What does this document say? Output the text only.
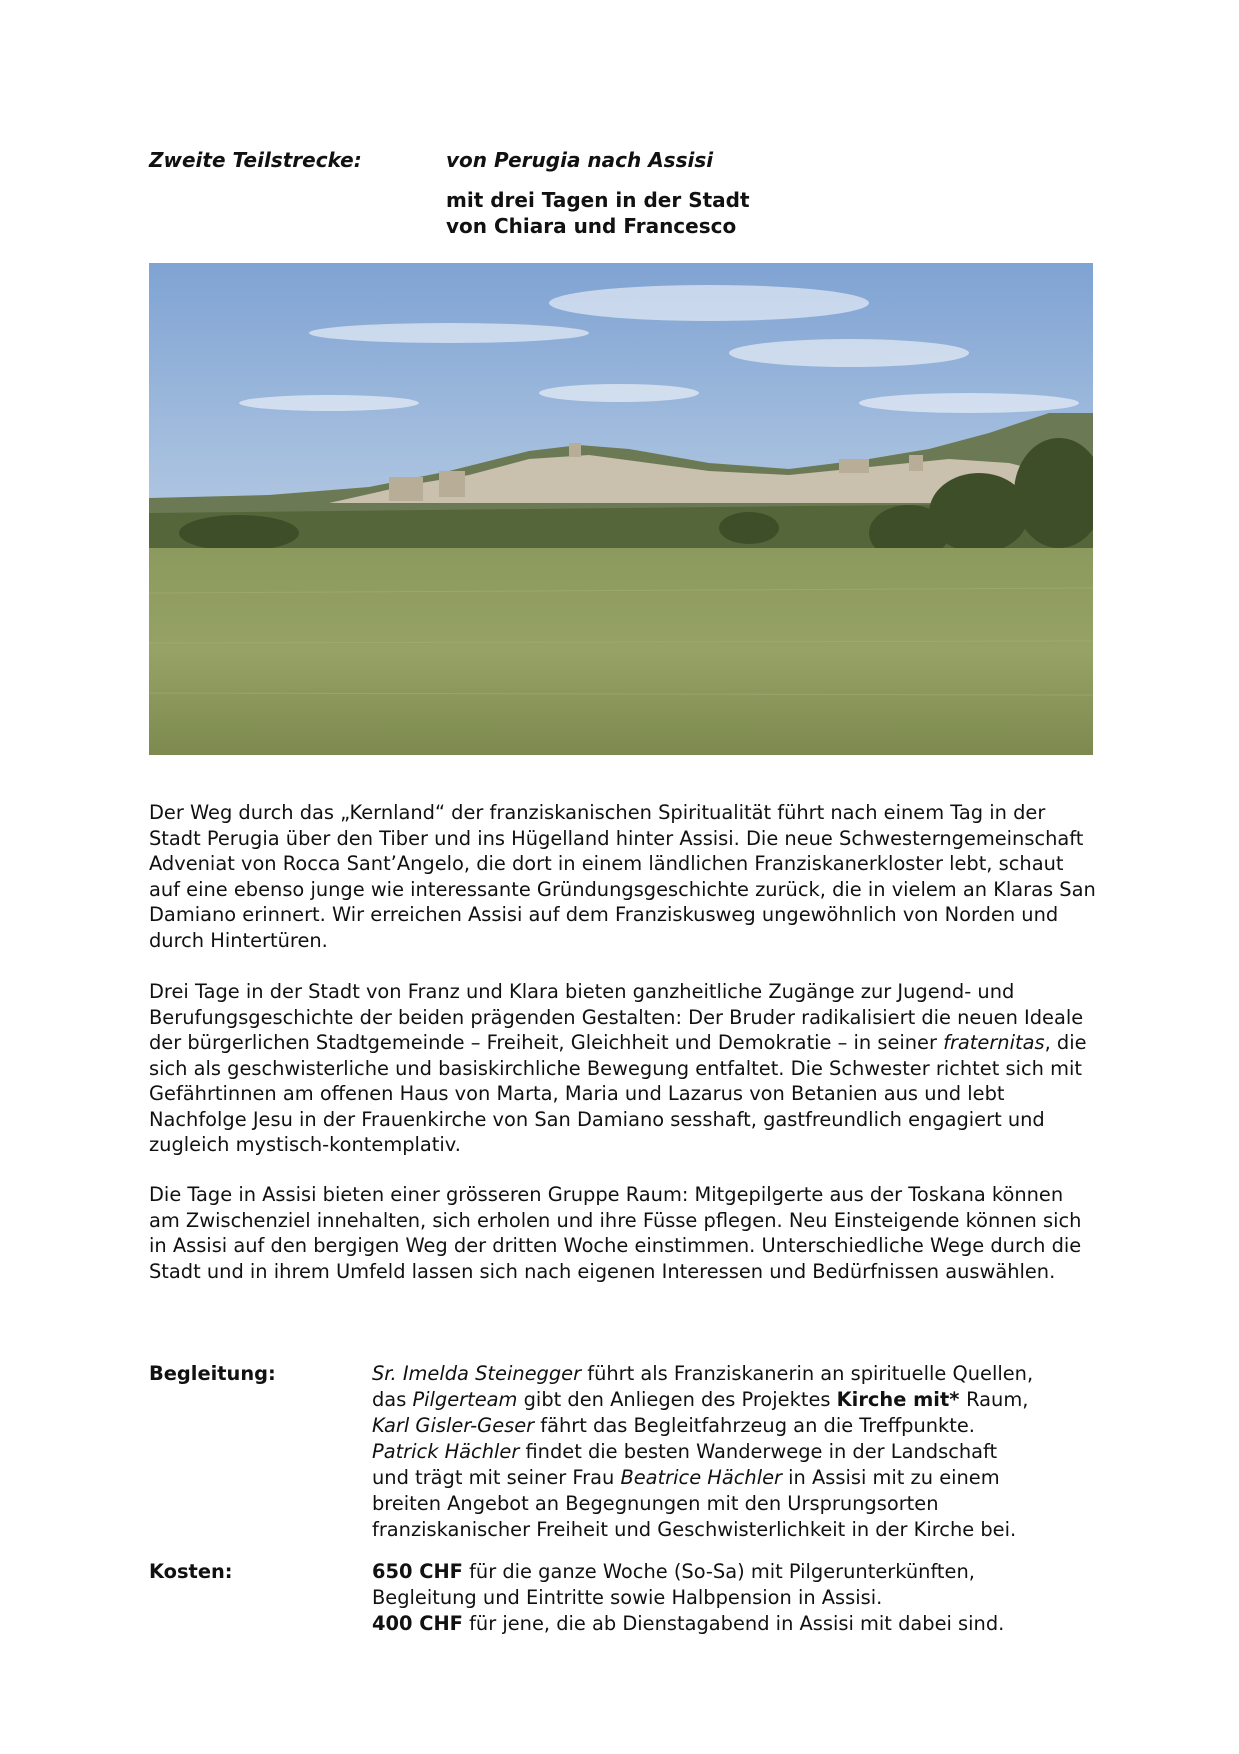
Zweite Teilstrecke:	von Perugia nach Assisi
mit drei Tagen in der Stadt
von Chiara und Francesco

Der Weg durch das „Kernland“ der franziskanischen Spiritualität führt nach einem Tag in der Stadt Perugia über den Tiber und ins Hügelland hinter Assisi. Die neue Schwesterngemeinschaft Adveniat von Rocca Sant’Angelo, die dort in einem ländlichen Franziskanerkloster lebt, schaut auf eine ebenso junge wie interessante Gründungsgeschichte zurück, die in vielem an Klaras San Damiano erinnert. Wir erreichen Assisi auf dem Franziskusweg ungewöhnlich von Norden und durch Hintertüren.

Drei Tage in der Stadt von Franz und Klara bieten ganzheitliche Zugänge zur Jugend- und Berufungsgeschichte der beiden prägenden Gestalten: Der Bruder radikalisiert die neuen Ideale der bürgerlichen Stadtgemeinde – Freiheit, Gleichheit und Demokratie – in seiner fraternitas, die sich als geschwisterliche und basiskirchliche Bewegung entfaltet. Die Schwester richtet sich mit Gefährtinnen am offenen Haus von Marta, Maria und Lazarus von Betanien aus und lebt Nachfolge Jesu in der Frauenkirche von San Damiano sesshaft, gastfreundlich engagiert und zugleich mystisch-kontemplativ.

Die Tage in Assisi bieten einer grösseren Gruppe Raum: Mitgepilgerte aus der Toskana können am Zwischenziel innehalten, sich erholen und ihre Füsse pflegen. Neu Einsteigende können sich in Assisi auf den bergigen Weg der dritten Woche einstimmen. Unterschiedliche Wege durch die Stadt und in ihrem Umfeld lassen sich nach eigenen Interessen und Bedürfnissen auswählen.

Begleitung:	Sr. Imelda Steinegger führt als Franziskanerin an spirituelle Quellen,
das Pilgerteam gibt den Anliegen des Projektes Kirche mit* Raum,
Karl Gisler-Geser fährt das Begleitfahrzeug an die Treffpunkte.
Patrick Hächler findet die besten Wanderwege in der Landschaft
und trägt mit seiner Frau Beatrice Hächler in Assisi mit zu einem
breiten Angebot an Begegnungen mit den Ursprungsorten
franziskanischer Freiheit und Geschwisterlichkeit in der Kirche bei.
Kosten:	650 CHF für die ganze Woche (So-Sa) mit Pilgerunterkünften,
Begleitung und Eintritte sowie Halbpension in Assisi.
400 CHF für jene, die ab Dienstagabend in Assisi mit dabei sind.
